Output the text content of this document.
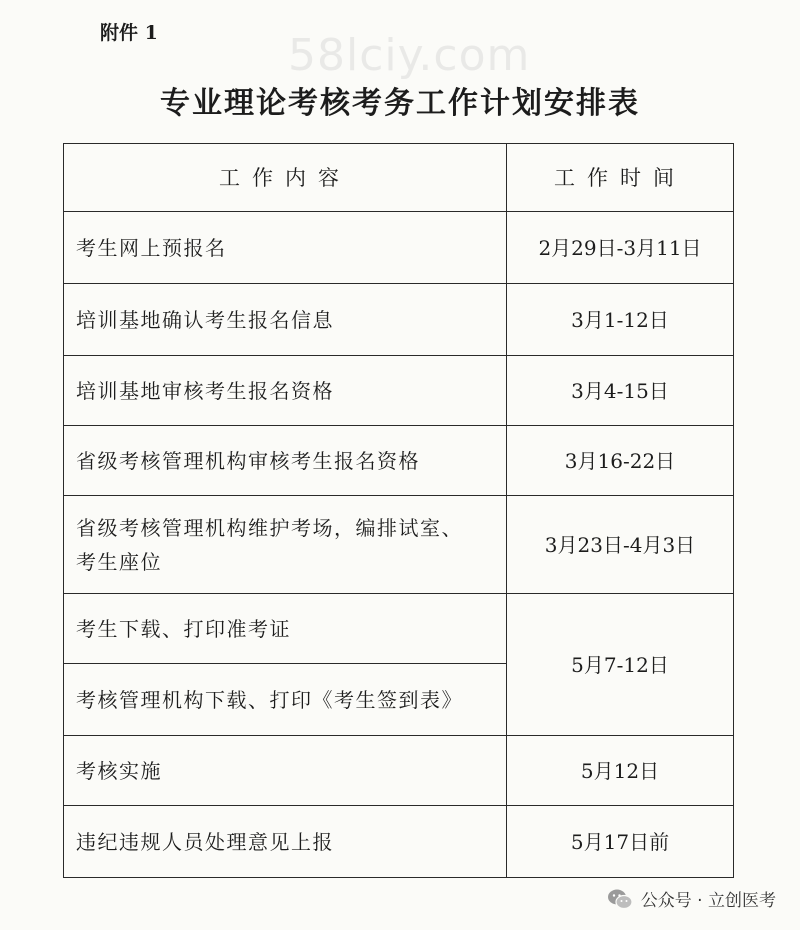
附件 1	58lciy.com
专业理论考核考务工作计划安排表
工作内容	工作时间
考生网上预报名	2月29日-3月11日
培训基地确认考生报名信息	3月1-12日
培训基地审核考生报名资格	3月4-15日
省级考核管理机构审核考生报名资格	3月16-22日

省级考核管理机构维护考场，编排试室、
考生座位	3月23日-4月3日
考生下载、打印准考证	5月7-12日
考核管理机构下载、打印《考生签到表》	
考核实施	5月12日
违纪违规人员处理意见上报	5月17日前
公众号 · 立创医考
